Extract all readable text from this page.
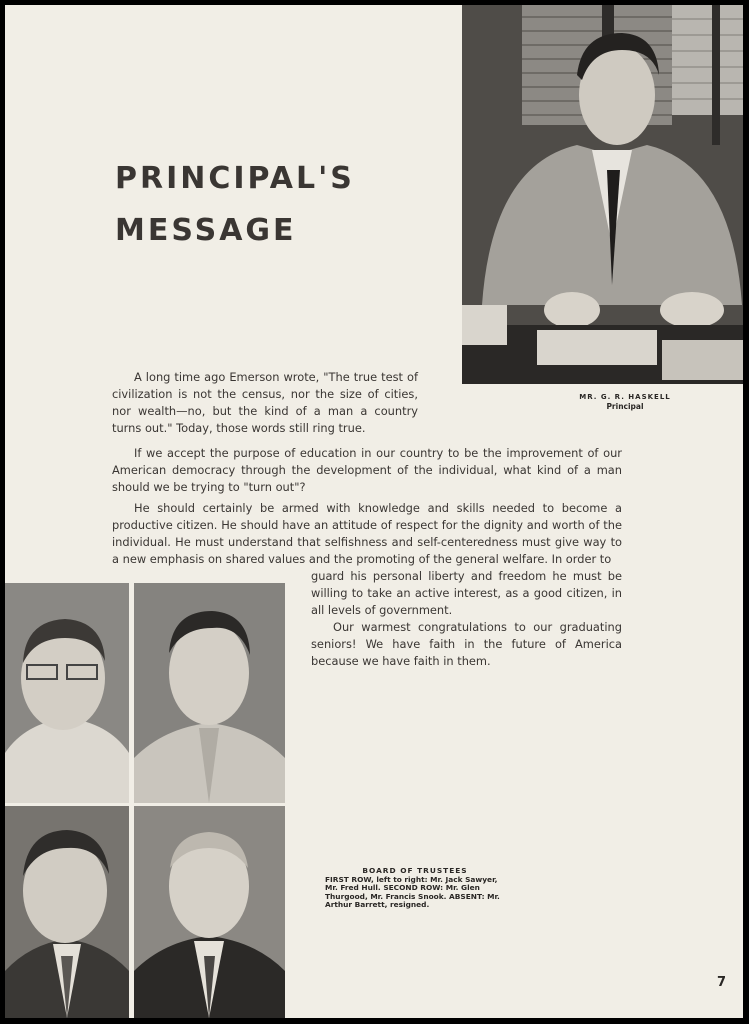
PRINCIPAL'S
MESSAGE
MR. G. R. HASKELL
Principal

A long time ago Emerson wrote, "The true test of civilization is not the census, nor the size of cities, nor wealth—no, but the kind of a man a country turns out." Today, those words still ring true.

If we accept the purpose of education in our country to be the improvement of our American democracy through the development of the individual, what kind of a man should we be trying to "turn out"?

He should certainly be armed with knowledge and skills needed to become a productive citizen. He should have an attitude of respect for the dignity and worth of the individual. He must understand that selfishness and self-centeredness must give way to a new emphasis on shared values and the promoting of the general welfare. In order to

guard his personal liberty and freedom he must be willing to take an active interest, as a good citizen, in all levels of government.

Our warmest congratulations to our graduating seniors! We have faith in the future of America because we have faith in them.

BOARD OF TRUSTEES
FIRST ROW, left to right: Mr. Jack Sawyer, Mr. Fred Hull. SECOND ROW: Mr. Glen Thurgood, Mr. Francis Snook. ABSENT: Mr. Arthur Barrett, resigned.
7
